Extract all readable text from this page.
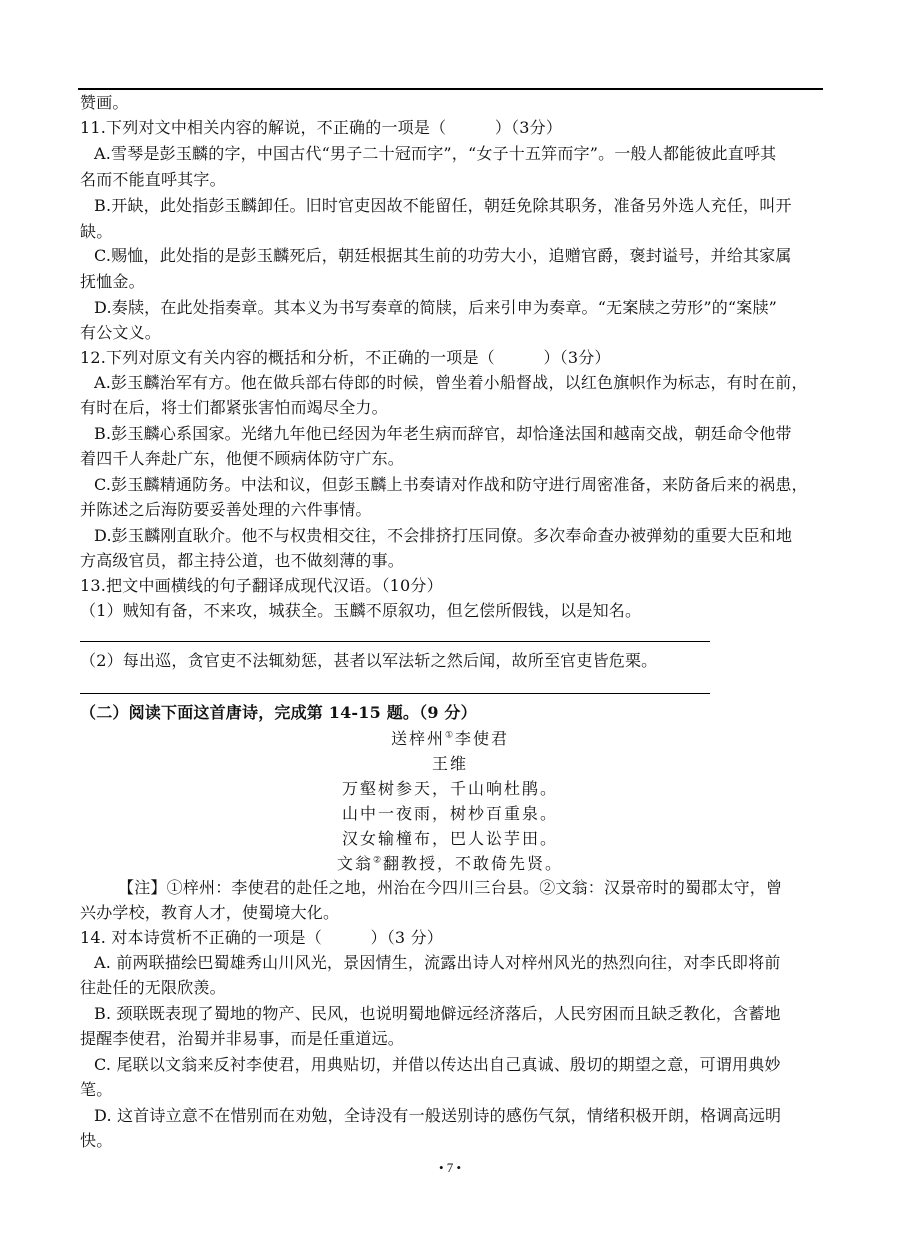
赞画。
11.下列对文中相关内容的解说，不正确的一项是（　　　）（3分）
A.雪琴是彭玉麟的字，中国古代“男子二十冠而字”，“女子十五笄而字”。一般人都能彼此直呼其
名而不能直呼其字。
B.开缺，此处指彭玉麟卸任。旧时官吏因故不能留任，朝廷免除其职务，准备另外选人充任，叫开
缺。
C.赐恤，此处指的是彭玉麟死后，朝廷根据其生前的功劳大小，追赠官爵，褒封谥号，并给其家属
抚恤金。
D.奏牍，在此处指奏章。其本义为书写奏章的简牍，后来引申为奏章。“无案牍之劳形”的“案牍”
有公文义。
12.下列对原文有关内容的概括和分析，不正确的一项是（　　　）（3分）
A.彭玉麟治军有方。他在做兵部右侍郎的时候，曾坐着小船督战，以红色旗帜作为标志，有时在前，
有时在后，将士们都紧张害怕而竭尽全力。
B.彭玉麟心系国家。光绪九年他已经因为年老生病而辞官，却恰逢法国和越南交战，朝廷命令他带
着四千人奔赴广东，他便不顾病体防守广东。
C.彭玉麟精通防务。中法和议，但彭玉麟上书奏请对作战和防守进行周密准备，来防备后来的祸患，
并陈述之后海防要妥善处理的六件事情。
D.彭玉麟刚直耿介。他不与权贵相交往，不会排挤打压同僚。多次奉命查办被弹劾的重要大臣和地
方高级官员，都主持公道，也不做刻薄的事。
13.把文中画横线的句子翻译成现代汉语。（10分）
（1）贼知有备，不来攻，城获全。玉麟不原叙功，但乞偿所假钱，以是知名。
（2）每出巡，贪官吏不法辄劾惩，甚者以军法斩之然后闻，故所至官吏皆危栗。
（二）阅读下面这首唐诗，完成第 14-15 题。（9 分）
送梓州①李使君
王维
万壑树参天，千山响杜鹃。
山中一夜雨，树杪百重泉。
汉女输橦布，巴人讼芋田。
文翁②翻教授，不敢倚先贤。
【注】①梓州：李使君的赴任之地，州治在今四川三台县。②文翁：汉景帝时的蜀郡太守，曾
兴办学校，教育人才，使蜀境大化。
14. 对本诗赏析不正确的一项是（　　　）（3 分）
A. 前两联描绘巴蜀雄秀山川风光，景因情生，流露出诗人对梓州风光的热烈向往，对李氏即将前
往赴任的无限欣羡。
B. 颈联既表现了蜀地的物产、民风，也说明蜀地僻远经济落后，人民穷困而且缺乏教化，含蓄地
提醒李使君，治蜀并非易事，而是任重道远。
C. 尾联以文翁来反衬李使君，用典贴切，并借以传达出自己真诚、殷切的期望之意，可谓用典妙
笔。
D. 这首诗立意不在惜别而在劝勉，全诗没有一般送别诗的感伤气氛，情绪积极开朗，格调高远明
快。
• 7 •
